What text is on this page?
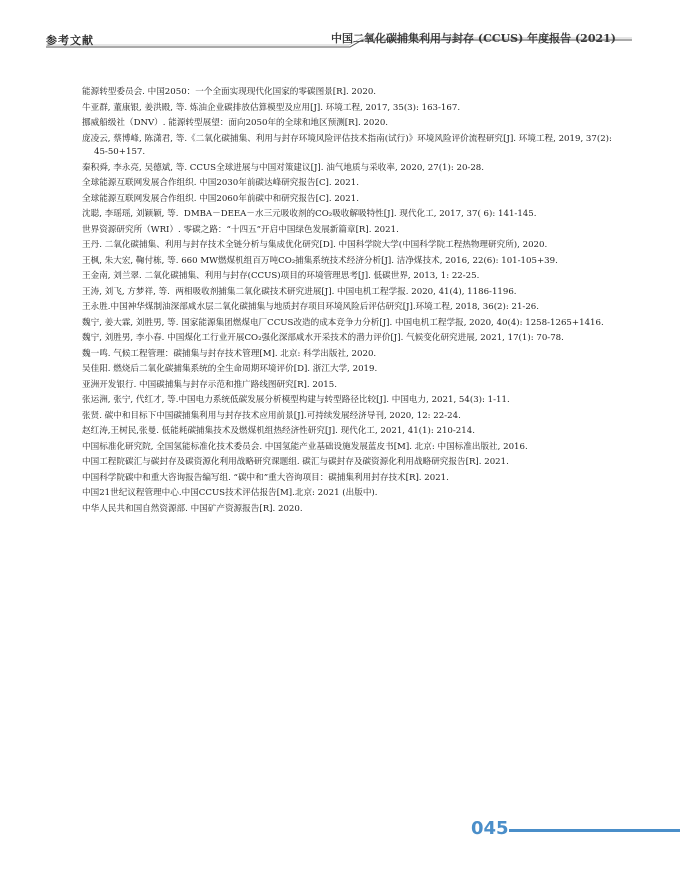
参考文献	中国二氧化碳捕集利用与封存 (CCUS) 年度报告 (2021)

能源转型委员会. 中国2050：一个全面实现现代化国家的零碳图景[R]. 2020.

牛亚群, 董康银, 姜洪殿, 等. 炼油企业碳排放估算模型及应用[J]. 环境工程, 2017, 35(3): 163-167.

挪威船级社（DNV）. 能源转型展望：面向2050年的全球和地区预测[R]. 2020.

庞凌云, 蔡博峰, 陈潇君, 等.《二氧化碳捕集、利用与封存环境风险评估技术指南(试行)》环境风险评价流程研究[J]. 环境工程, 2019, 37(2): 45-50+157.

秦积舜, 李永亮, 吴德斌, 等. CCUS全球进展与中国对策建议[J]. 油气地质与采收率, 2020, 27(1): 20-28.

全球能源互联网发展合作组织. 中国2030年前碳达峰研究报告[C]. 2021.

全球能源互联网发展合作组织. 中国2060年前碳中和研究报告[C]. 2021.

沈聪, 李瑶瑶, 刘颖颖, 等.  DMBA－DEEA－水三元吸收剂的CO₂吸收解吸特性[J]. 现代化工, 2017, 37( 6): 141-145.

世界资源研究所（WRI）. 零碳之路：“十四五”开启中国绿色发展新篇章[R]. 2021.

王丹. 二氧化碳捕集、利用与封存技术全链分析与集成优化研究[D]. 中国科学院大学(中国科学院工程热物理研究所), 2020.

王枫, 朱大宏, 鞠付栋, 等. 660 MW燃煤机组百万吨CO₂捕集系统技术经济分析[J]. 洁净煤技术, 2016, 22(6): 101-105+39.

王金南, 刘兰翠. 二氧化碳捕集、利用与封存(CCUS)项目的环境管理思考[J]. 低碳世界, 2013, 1: 22-25.

王涛, 刘飞, 方梦祥, 等.  两相吸收剂捕集二氧化碳技术研究进展[J]. 中国电机工程学报. 2020, 41(4), 1186-1196.

王永胜.中国神华煤制油深部咸水层二氧化碳捕集与地质封存项目环境风险后评估研究[J].环境工程, 2018, 36(2): 21-26.

魏宁, 姜大霖, 刘胜男, 等. 国家能源集团燃煤电厂CCUS改造的成本竞争力分析[J]. 中国电机工程学报, 2020, 40(4): 1258-1265+1416.

魏宁, 刘胜男, 李小春. 中国煤化工行业开展CO₂强化深部咸水开采技术的潜力评价[J]. 气候变化研究进展, 2021, 17(1): 70-78.

魏一鸣. 气候工程管理：碳捕集与封存技术管理[M]. 北京: 科学出版社, 2020.

吴佳阳. 燃烧后二氧化碳捕集系统的全生命周期环境评价[D]. 浙江大学, 2019.

亚洲开发银行. 中国碳捕集与封存示范和推广路线图研究[R]. 2015.

张运洲, 张宁, 代红才, 等.中国电力系统低碳发展分析模型构建与转型路径比较[J]. 中国电力, 2021, 54(3): 1-11.

张贤. 碳中和目标下中国碳捕集利用与封存技术应用前景[J].可持续发展经济导刊, 2020, 12: 22-24.

赵红涛,王树民,张曼. 低能耗碳捕集技术及燃煤机组热经济性研究[J]. 现代化工, 2021, 41(1): 210-214.

中国标准化研究院, 全国氢能标准化技术委员会. 中国氢能产业基础设施发展蓝皮书[M]. 北京: 中国标准出版社, 2016.

中国工程院碳汇与碳封存及碳资源化利用战略研究课题组. 碳汇与碳封存及碳资源化利用战略研究报告[R]. 2021.

中国科学院碳中和重大咨询报告编写组. “碳中和”重大咨询项目：碳捕集利用封存技术[R]. 2021.

中国21世纪议程管理中心.中国CCUS技术评估报告[M].北京: 2021 (出版中).

中华人民共和国自然资源部. 中国矿产资源报告[R]. 2020.

045
